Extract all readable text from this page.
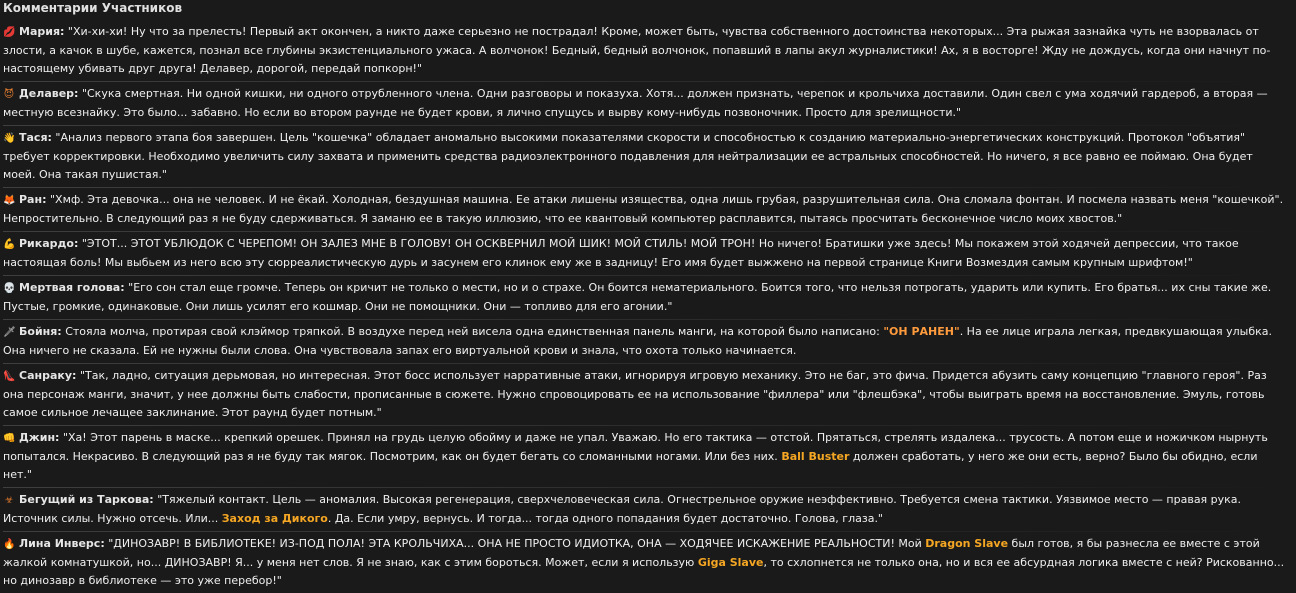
Комментарии Участников

💋 Мария: "Хи-хи-хи! Ну что за прелесть! Первый акт окончен, а никто даже серьезно не пострадал! Кроме, может быть, чувства собственного достоинства некоторых... Эта рыжая зазнайка чуть не взорвалась от злости, а качок в шубе, кажется, познал все глубины экзистенциального ужаса. А волчонок! Бедный, бедный волчонок, попавший в лапы акул журналистики! Ах, я в восторге! Жду не дождусь, когда они начнут по-настоящему убивать друг друга! Делавер, дорогой, передай попкорн!"

😈 Делавер: "Скука смертная. Ни одной кишки, ни одного отрубленного члена. Одни разговоры и показуха. Хотя... должен признать, черепок и крольчиха доставили. Один свел с ума ходячий гардероб, а вторая — местную всезнайку. Это было... забавно. Но если во втором раунде не будет крови, я лично спущусь и вырву кому-нибудь позвоночник. Просто для зрелищности."

👋 Тася: "Анализ первого этапа боя завершен. Цель "кошечка" обладает аномально высокими показателями скорости и способностью к созданию материально-энергетических конструкций. Протокол "объятия" требует корректировки. Необходимо увеличить силу захвата и применить средства радиоэлектронного подавления для нейтрализации ее астральных способностей. Но ничего, я все равно ее поймаю. Она будет моей. Она такая пушистая."

🦊 Ран: "Хмф. Эта девочка... она не человек. И не ёкай. Холодная, бездушная машина. Ее атаки лишены изящества, одна лишь грубая, разрушительная сила. Она сломала фонтан. И посмела назвать меня "кошечкой". Непростительно. В следующий раз я не буду сдерживаться. Я заманю ее в такую иллюзию, что ее квантовый компьютер расплавится, пытаясь просчитать бесконечное число моих хвостов."

💪 Рикардо: "ЭТОТ... ЭТОТ УБЛЮДОК С ЧЕРЕПОМ! ОН ЗАЛЕЗ МНЕ В ГОЛОВУ! ОН ОСКВЕРНИЛ МОЙ ШИК! МОЙ СТИЛЬ! МОЙ ТРОН! Но ничего! Братишки уже здесь! Мы покажем этой ходячей депрессии, что такое настоящая боль! Мы выбьем из него всю эту сюрреалистическую дурь и засунем его клинок ему же в задницу! Его имя будет выжжено на первой странице Книги Возмездия самым крупным шрифтом!"

💀 Мертвая голова: "Его сон стал еще громче. Теперь он кричит не только о мести, но и о страхе. Он боится нематериального. Боится того, что нельзя потрогать, ударить или купить. Его братья... их сны такие же. Пустые, громкие, одинаковые. Они лишь усилят его кошмар. Они не помощники. Они — топливо для его агонии."

🗡 Бойня: Стояла молча, протирая свой клэймор тряпкой. В воздухе перед ней висела одна единственная панель манги, на которой было написано: "ОН РАНЕН". На ее лице играла легкая, предвкушающая улыбка. Она ничего не сказала. Ей не нужны были слова. Она чувствовала запах его виртуальной крови и знала, что охота только начинается.

👠 Санраку: "Так, ладно, ситуация дерьмовая, но интересная. Этот босс использует нарративные атаки, игнорируя игровую механику. Это не баг, это фича. Придется абузить саму концепцию "главного героя". Раз она персонаж манги, значит, у нее должны быть слабости, прописанные в сюжете. Нужно спровоцировать ее на использование "филлера" или "флешбэка", чтобы выиграть время на восстановление. Эмуль, готовь самое сильное лечащее заклинание. Этот раунд будет потным."

👊 Джин: "Ха! Этот парень в маске... крепкий орешек. Принял на грудь целую обойму и даже не упал. Уважаю. Но его тактика — отстой. Прятаться, стрелять издалека... трусость. А потом еще и ножичком нырнуть попытался. Некрасиво. В следующий раз я не буду так мягок. Посмотрим, как он будет бегать со сломанными ногами. Или без них. Ball Buster должен сработать, у него же они есть, верно? Было бы обидно, если нет."

☣ Бегущий из Таркова: "Тяжелый контакт. Цель — аномалия. Высокая регенерация, сверхчеловеческая сила. Огнестрельное оружие неэффективно. Требуется смена тактики. Уязвимое место — правая рука. Источник силы. Нужно отсечь. Или... Заход за Дикого. Да. Если умру, вернусь. И тогда... тогда одного попадания будет достаточно. Голова, глаза."

🔥 Лина Инверс: "ДИНОЗАВР! В БИБЛИОТЕКЕ! ИЗ-ПОД ПОЛА! ЭТА КРОЛЬЧИХА... ОНА НЕ ПРОСТО ИДИОТКА, ОНА — ХОДЯЧЕЕ ИСКАЖЕНИЕ РЕАЛЬНОСТИ! Мой Dragon Slave был готов, я бы разнесла ее вместе с этой жалкой комнатушкой, но... ДИНОЗАВР! Я... у меня нет слов. Я не знаю, как с этим бороться. Может, если я использую Giga Slave, то схлопнется не только она, но и вся ее абсурдная логика вместе с ней? Рискованно... но динозавр в библиотеке — это уже перебор!"
